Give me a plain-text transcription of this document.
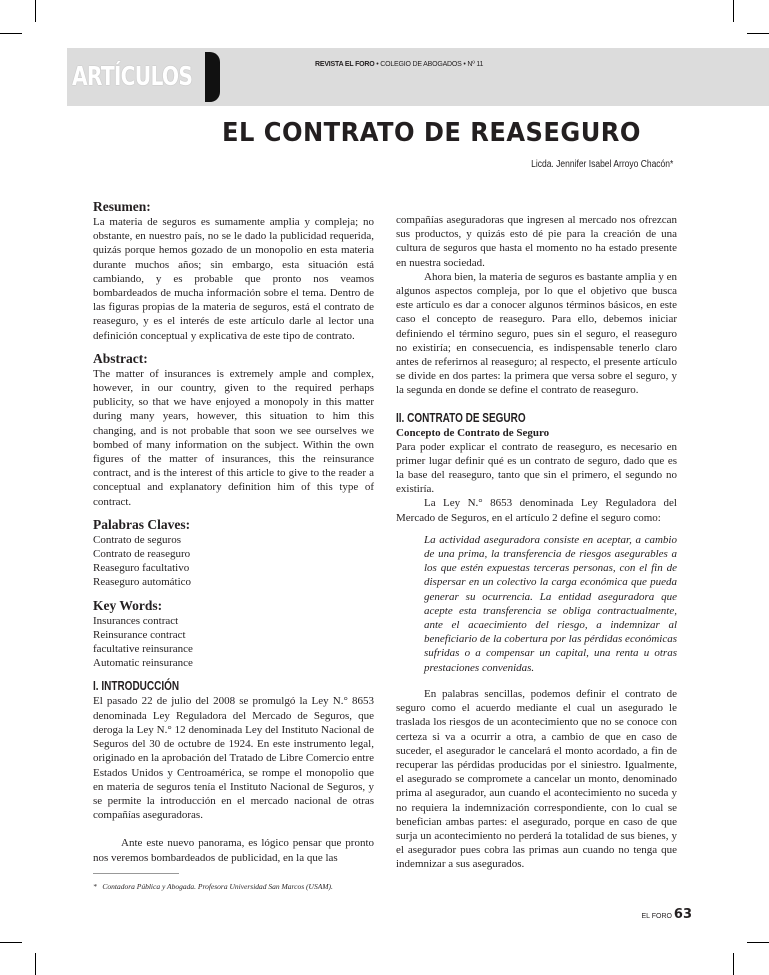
ARTÍCULOS	REVISTA EL FORO • COLEGIO DE ABOGADOS • Nº 11
EL CONTRATO DE REASEGURO
Licda. Jennifer Isabel Arroyo Chacón*

Resumen:

La materia de seguros es sumamente amplia y compleja; no obstante, en nuestro país, no se le dado la publicidad requerida, quizás porque hemos gozado de un monopolio en esta materia durante muchos años; sin embargo, esta situación está cambiando, y es probable que pronto nos veamos bombardeados de mucha información sobre el tema. Dentro de las figuras propias de la materia de seguros, está el contrato de reaseguro, y es el interés de este artículo darle al lector una definición conceptual y explicativa de este tipo de contrato.

Abstract:

The matter of insurances is extremely ample and complex, however, in our country, given to the required perhaps publicity, so that we have enjoyed a monopoly in this matter during many years, however, this situation to him this changing, and is not probable that soon we see ourselves we bombed of many information on the subject. Within the own figures of the matter of insurances, this the reinsurance contract, and is the interest of this article to give to the reader a conceptual and explanatory definition him of this type of contract.

Palabras Claves:

Contrato de seguros
Contrato de reaseguro
Reaseguro facultativo
Reaseguro automático

Key Words:

Insurances contract
Reinsurance contract
facultative reinsurance
Automatic reinsurance

I. INTRODUCCIÓN

El pasado 22 de julio del 2008 se promulgó la Ley N.° 8653 denominada Ley Reguladora del Mercado de Seguros, que deroga la Ley N.° 12 denominada Ley del Instituto Nacional de Seguros del 30 de octubre de 1924. En este instrumento legal, originado en la aprobación del Tratado de Libre Comercio entre Estados Unidos y Centroamérica, se rompe el monopolio que en materia de seguros tenía el Instituto Nacional de Seguros, y se permite la introducción en el mercado nacional de otras compañías aseguradoras.

Ante este nuevo panorama, es lógico pensar que pronto nos veremos bombardeados de publicidad, en la que las

* Contadora Pública y Abogada. Profesora Universidad San Marcos (USAM).

compañías aseguradoras que ingresen al mercado nos ofrezcan sus productos, y quizás esto dé pie para la creación de una cultura de seguros que hasta el momento no ha estado presente en nuestra sociedad.

Ahora bien, la materia de seguros es bastante amplia y en algunos aspectos compleja, por lo que el objetivo que busca este artículo es dar a conocer algunos términos básicos, en este caso el concepto de reaseguro. Para ello, debemos iniciar definiendo el término seguro, pues sin el seguro, el reaseguro no existiría; en consecuencia, es indispensable tenerlo claro antes de referirnos al reaseguro; al respecto, el presente artículo se divide en dos partes: la primera que versa sobre el seguro, y la segunda en donde se define el contrato de reaseguro.

II. CONTRATO DE SEGURO

Concepto de Contrato de Seguro

Para poder explicar el contrato de reaseguro, es necesario en primer lugar definir qué es un contrato de seguro, dado que es la base del reaseguro, tanto que sin el primero, el segundo no existiría.

La Ley N.° 8653 denominada Ley Reguladora del Mercado de Seguros, en el artículo 2 define el seguro como:

La actividad aseguradora consiste en aceptar, a cambio de una prima, la transferencia de riesgos asegurables a los que estén expuestas terceras personas, con el fin de dispersar en un colectivo la carga económica que pueda generar su ocurrencia. La entidad aseguradora que acepte esta transferencia se obliga contractualmente, ante el acaecimiento del riesgo, a indemnizar al beneficiario de la cobertura por las pérdidas económicas sufridas o a compensar un capital, una renta u otras prestaciones convenidas.

En palabras sencillas, podemos definir el contrato de seguro como el acuerdo mediante el cual un asegurado le traslada los riesgos de un acontecimiento que no se conoce con certeza si va a ocurrir a otra, a cambio de que en caso de suceder, el asegurador le cancelará el monto acordado, a fin de recuperar las pérdidas producidas por el siniestro. Igualmente, el asegurado se compromete a cancelar un monto, denominado prima al asegurador, aun cuando el acontecimiento no suceda y no requiera la indemnización correspondiente, con lo cual se benefician ambas partes: el asegurado, porque en caso de que surja un acontecimiento no perderá la totalidad de sus bienes, y el asegurador pues cobra las primas aun cuando no tenga que indemnizar a sus asegurados.

EL FORO 63
